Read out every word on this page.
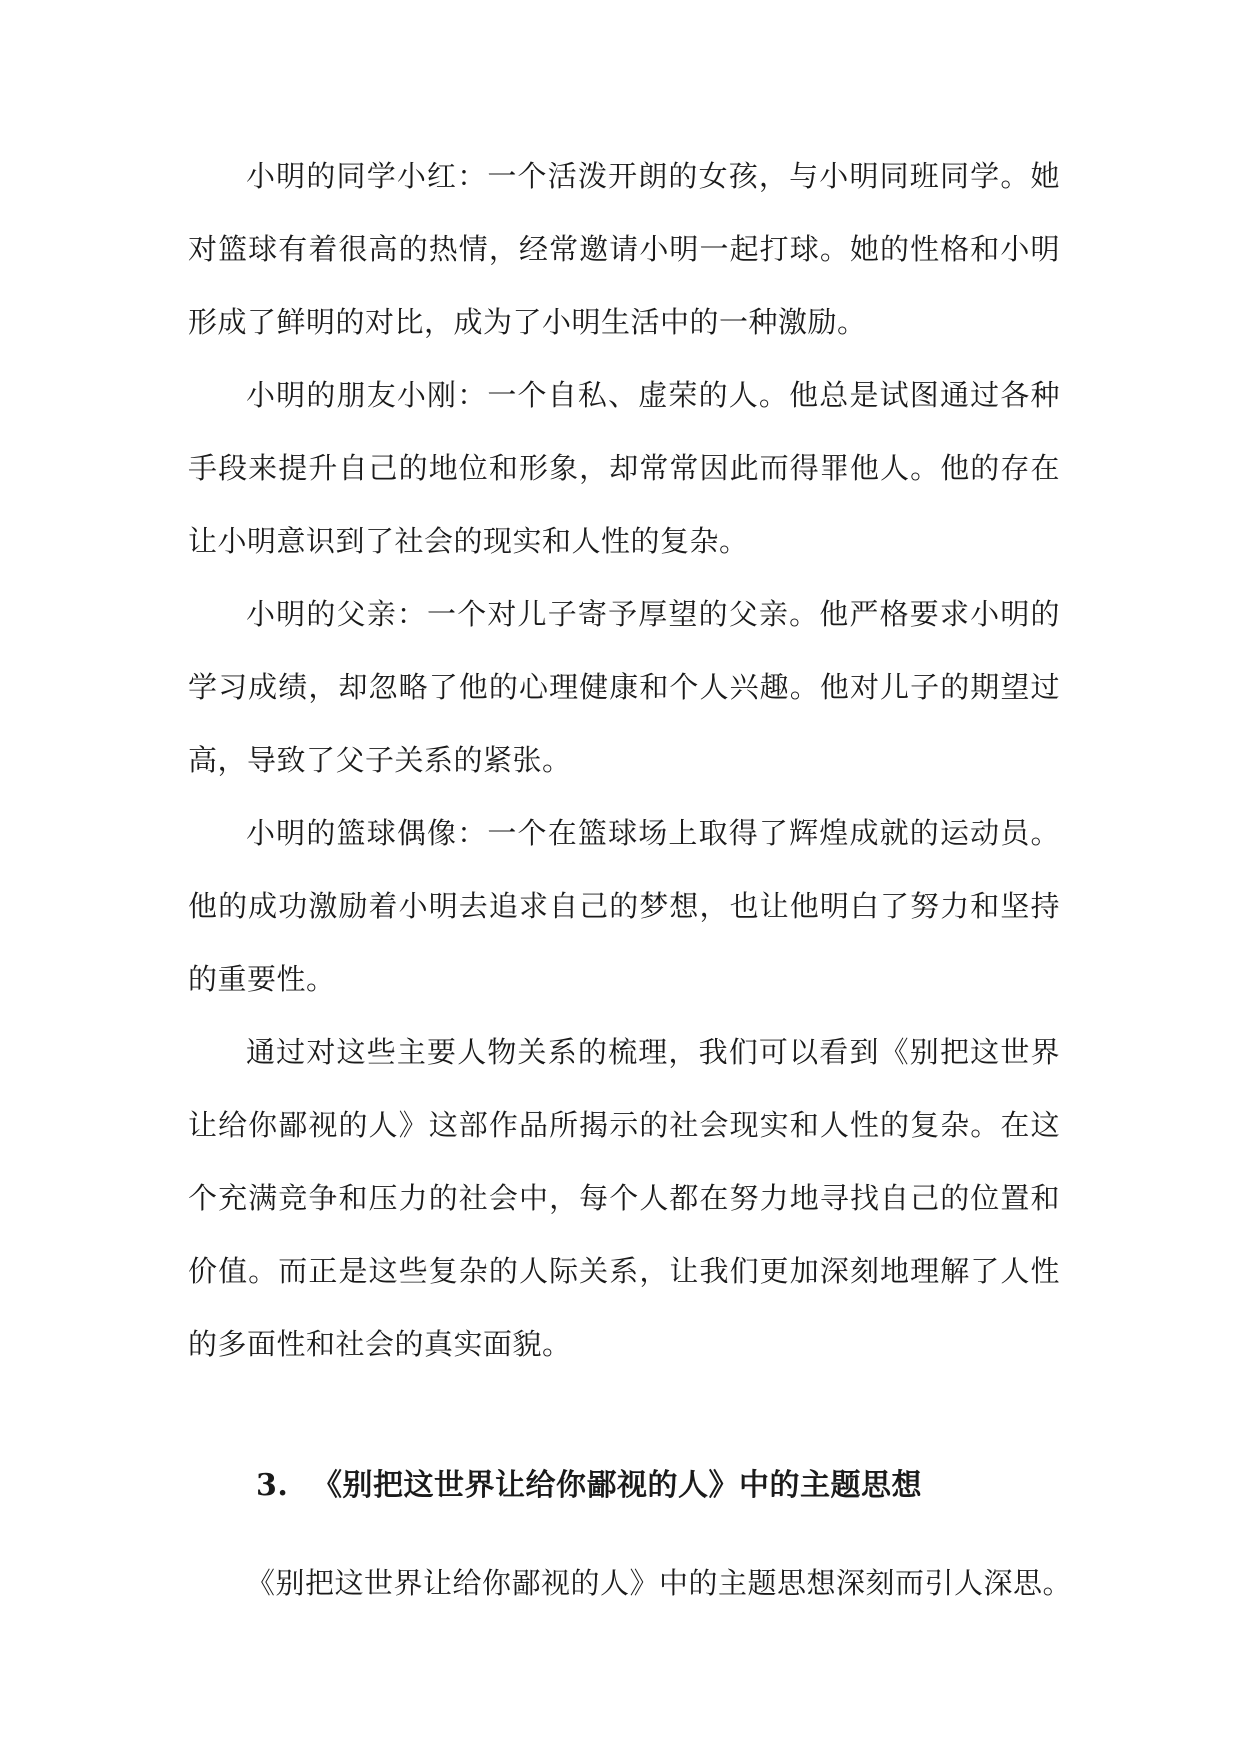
小明的同学小红：一个活泼开朗的女孩，与小明同班同学。她对篮球有着很高的热情，经常邀请小明一起打球。她的性格和小明形成了鲜明的对比，成为了小明生活中的一种激励。

小明的朋友小刚：一个自私、虚荣的人。他总是试图通过各种手段来提升自己的地位和形象，却常常因此而得罪他人。他的存在让小明意识到了社会的现实和人性的复杂。

小明的父亲：一个对儿子寄予厚望的父亲。他严格要求小明的学习成绩，却忽略了他的心理健康和个人兴趣。他对儿子的期望过高，导致了父子关系的紧张。

小明的篮球偶像：一个在篮球场上取得了辉煌成就的运动员。他的成功激励着小明去追求自己的梦想，也让他明白了努力和坚持的重要性。

通过对这些主要人物关系的梳理，我们可以看到《别把这世界让给你鄙视的人》这部作品所揭示的社会现实和人性的复杂。在这个充满竞争和压力的社会中，每个人都在努力地寻找自己的位置和价值。而正是这些复杂的人际关系，让我们更加深刻地理解了人性的多面性和社会的真实面貌。

3. 《别把这世界让给你鄙视的人》中的主题思想

《别把这世界让给你鄙视的人》中的主题思想深刻而引人深思。
